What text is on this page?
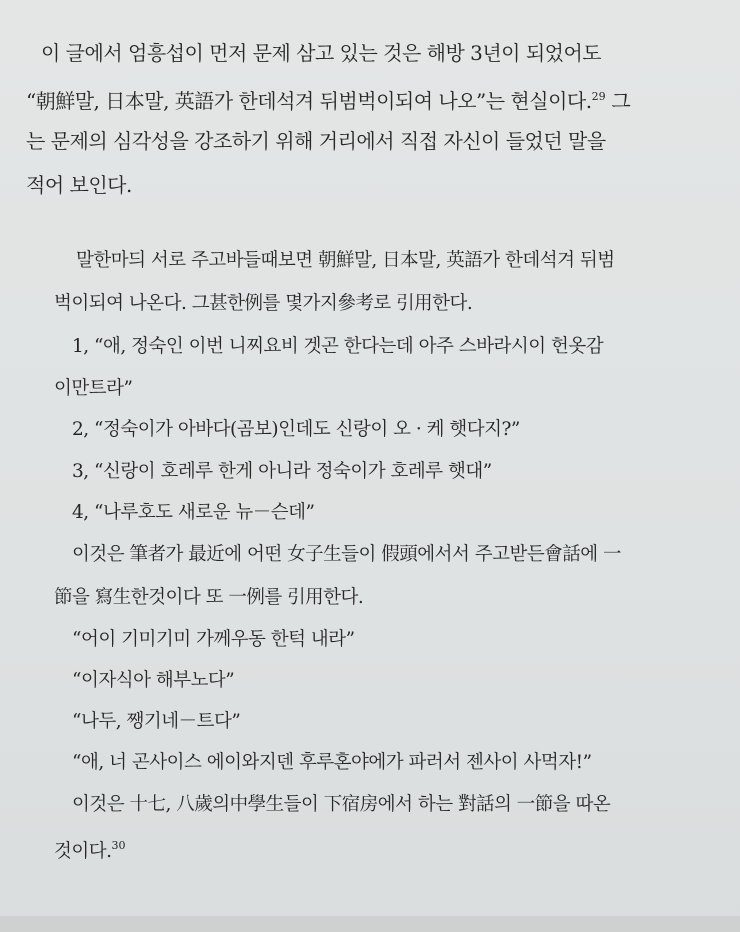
이 글에서 엄흥섭이 먼저 문제 삼고 있는 것은 해방 3년이 되었어도
“朝鮮말, 日本말, 英語가 한데석겨 뒤범벅이되여 나오”는 현실이다.$^{29}$ 그
는 문제의 심각성을 강조하기 위해 거리에서 직접 자신이 들었던 말을
적어 보인다.
말한마듸 서로 주고바들때보면 朝鮮말, 日本말, 英語가 한데석겨 뒤범
벅이되여 나온다. 그甚한例를 몇가지參考로 引用한다.
1, “애, 정숙인 이번 니찌요비 겟곤 한다는데 아주 스바라시이 헌옷감
이만트라”
2, “정숙이가 아바다(곰보)인데도 신랑이 오 · 케 햇다지?”
3, “신랑이 호레루 한게 아니라 정숙이가 호레루 햇대”
4, “나루호도 새로운 뉴－슨데”
이것은 筆者가 最近에 어떤 女子生들이 假頭에서서 주고받든會話에 一
節을 寫生한것이다 또 一例를 引用한다.
“어이 기미기미 가께우동 한턱 내라”
“이자식아 해부노다”
“나두, 쨍기네－트다”
“애, 너 곤사이스 에이와지덴 후루혼야에가 파러서 젠사이 사먹자!”
이것은 十七, 八歲의中學生들이 下宿房에서 하는 對話의 一節을 따온
것이다.$^{30}$
